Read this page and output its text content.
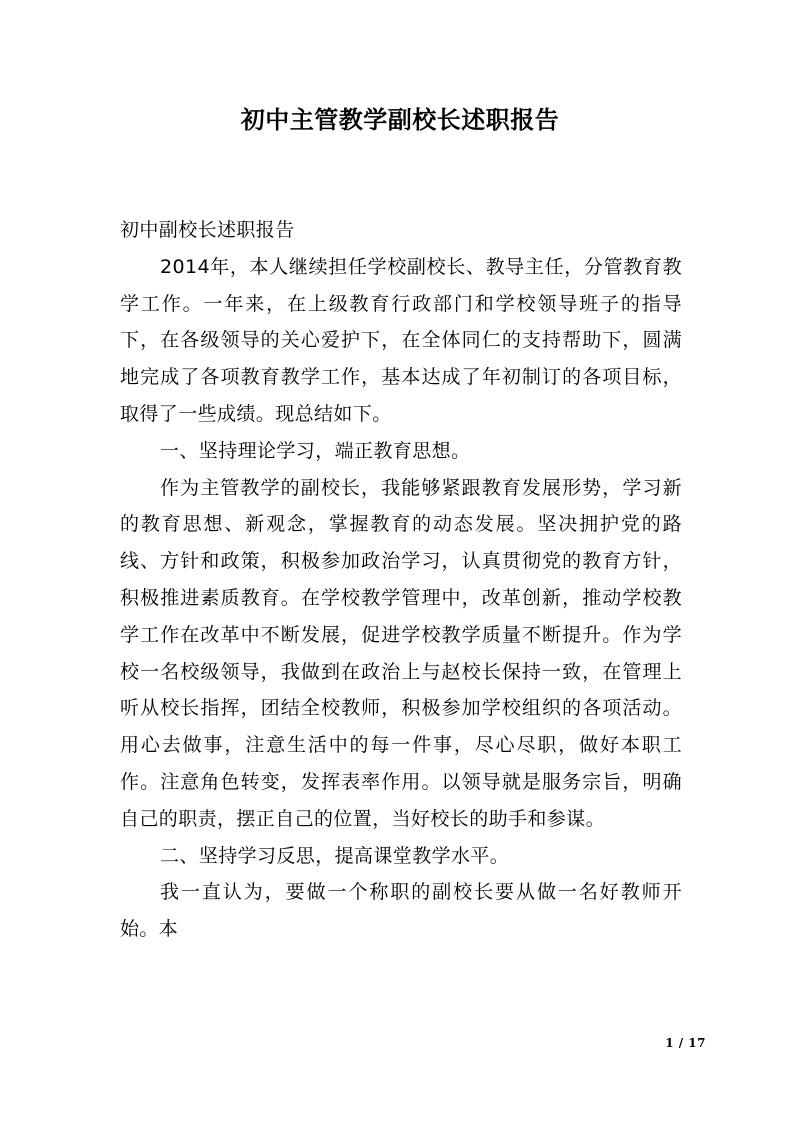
初中主管教学副校长述职报告

初中副校长述职报告

2014年，本人继续担任学校副校长、教导主任，分管教育教学工作。一年来，在上级教育行政部门和学校领导班子的指导下，在各级领导的关心爱护下，在全体同仁的支持帮助下，圆满地完成了各项教育教学工作，基本达成了年初制订的各项目标，取得了一些成绩。现总结如下。

一、坚持理论学习，端正教育思想。

作为主管教学的副校长，我能够紧跟教育发展形势，学习新的教育思想、新观念，掌握教育的动态发展。坚决拥护党的路线、方针和政策，积极参加政治学习，认真贯彻党的教育方针，积极推进素质教育。在学校教学管理中，改革创新，推动学校教学工作在改革中不断发展，促进学校教学质量不断提升。作为学校一名校级领导，我做到在政治上与赵校长保持一致，在管理上听从校长指挥，团结全校教师，积极参加学校组织的各项活动。用心去做事，注意生活中的每一件事，尽心尽职，做好本职工作。注意角色转变，发挥表率作用。以领导就是服务宗旨，明确自己的职责，摆正自己的位置，当好校长的助手和参谋。

二、坚持学习反思，提高课堂教学水平。

我一直认为，要做一个称职的副校长要从做一名好教师开始。本

1 / 17
